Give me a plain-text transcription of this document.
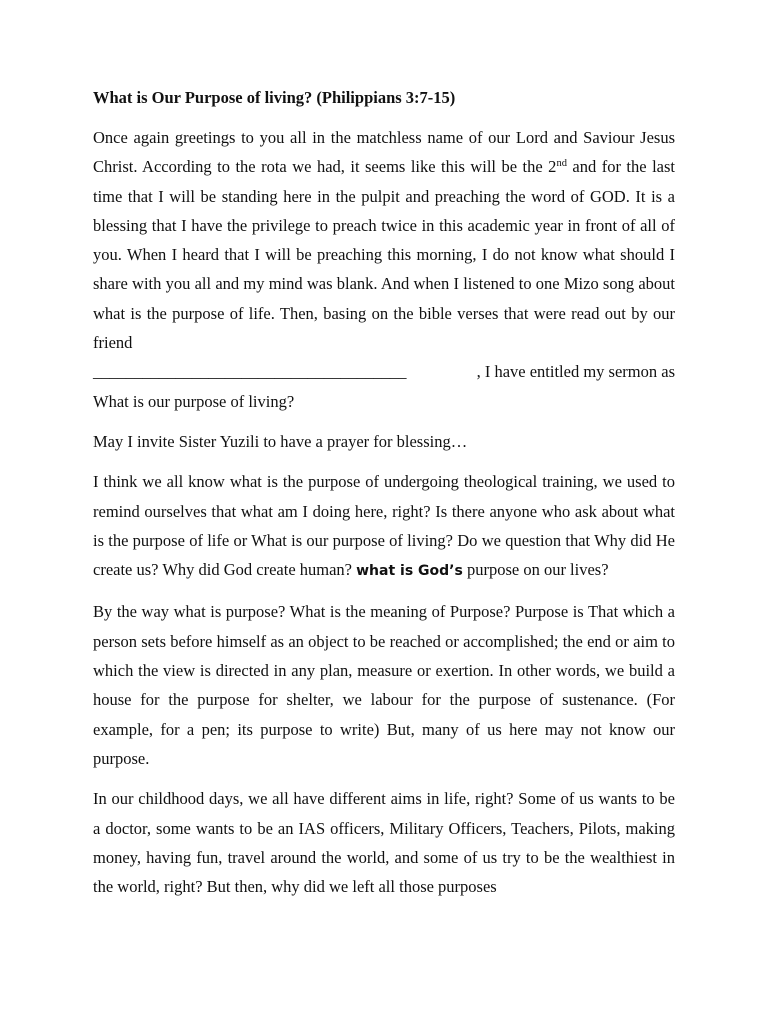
What is Our Purpose of living? (Philippians 3:7-15)

Once again greetings to you all in the matchless name of our Lord and Saviour Jesus Christ. According to the rota we had, it seems like this will be the 2nd and for the last time that I will be standing here in the pulpit and preaching the word of GOD. It is a blessing that I have the privilege to preach twice in this academic year in front of all of you. When I heard that I will be preaching this morning, I do not know what should I share with you all and my mind was blank. And when I listened to one Mizo song about what is the purpose of life. Then, basing on the bible verses that were read out by our friend
______________________________________	, I have entitled my sermon as
What is our purpose of living?

May I invite Sister Yuzili to have a prayer for blessing…

I think we all know what is the purpose of undergoing theological training, we used to remind ourselves that what am I doing here, right? Is there anyone who ask about what is the purpose of life or What is our purpose of living? Do we question that Why did He create us? Why did God create human? what is God’s purpose on our lives?

By the way what is purpose? What is the meaning of Purpose? Purpose is That which a person sets before himself as an object to be reached or accomplished; the end or aim to which the view is directed in any plan, measure or exertion. In other words, we build a house for the purpose for shelter, we labour for the purpose of sustenance. (For example, for a pen; its purpose to write) But, many of us here may not know our purpose.

In our childhood days, we all have different aims in life, right? Some of us wants to be a doctor, some wants to be an IAS officers, Military Officers, Teachers, Pilots, making money, having fun, travel around the world, and some of us try to be the wealthiest in the world, right? But then, why did we left all those purposes
